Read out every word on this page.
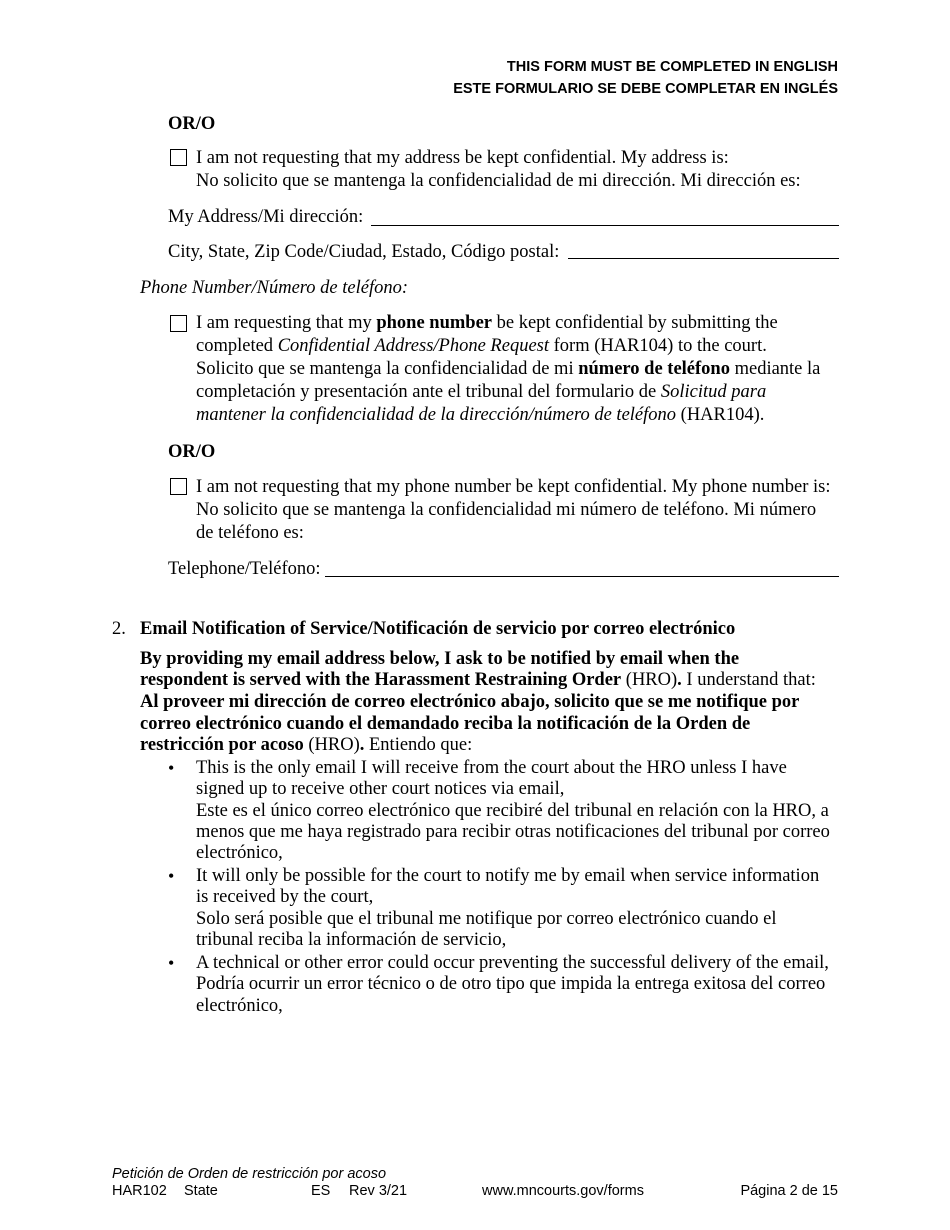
THIS FORM MUST BE COMPLETED IN ENGLISH
ESTE FORMULARIO SE DEBE COMPLETAR EN INGLÉS
OR/O
I am not requesting that my address be kept confidential. My address is:
No solicito que se mantenga la confidencialidad de mi dirección. Mi dirección es:
My Address/Mi dirección:
City, State, Zip Code/Ciudad, Estado, Código postal:
Phone Number/Número de teléfono:
I am requesting that my phone number be kept confidential by submitting the
completed Confidential Address/Phone Request form (HAR104) to the court.
Solicito que se mantenga la confidencialidad de mi número de teléfono mediante la
completación y presentación ante el tribunal del formulario de Solicitud para
mantener la confidencialidad de la dirección/número de teléfono (HAR104).
OR/O
I am not requesting that my phone number be kept confidential. My phone number is:
No solicito que se mantenga la confidencialidad mi número de teléfono. Mi número
de teléfono es:
Telephone/Teléfono:
2. Email Notification of Service/Notificación de servicio por correo electrónico
By providing my email address below, I ask to be notified by email when the
respondent is served with the Harassment Restraining Order (HRO). I understand that:
Al proveer mi dirección de correo electrónico abajo, solicito que se me notifique por
correo electrónico cuando el demandado reciba la notificación de la Orden de
restricción por acoso (HRO). Entiendo que:
• This is the only email I will receive from the court about the HRO unless I have
signed up to receive other court notices via email,
Este es el único correo electrónico que recibiré del tribunal en relación con la HRO, a
menos que me haya registrado para recibir otras notificaciones del tribunal por correo
electrónico,
• It will only be possible for the court to notify me by email when service information
is received by the court,
Solo será posible que el tribunal me notifique por correo electrónico cuando el
tribunal reciba la información de servicio,
• A technical or other error could occur preventing the successful delivery of the email,
Podría ocurrir un error técnico o de otro tipo que impida la entrega exitosa del correo
electrónico,
Petición de Orden de restricción por acoso
HAR102 State	ES Rev 3/21	www.mncourts.gov/forms	Página 2 de 15
